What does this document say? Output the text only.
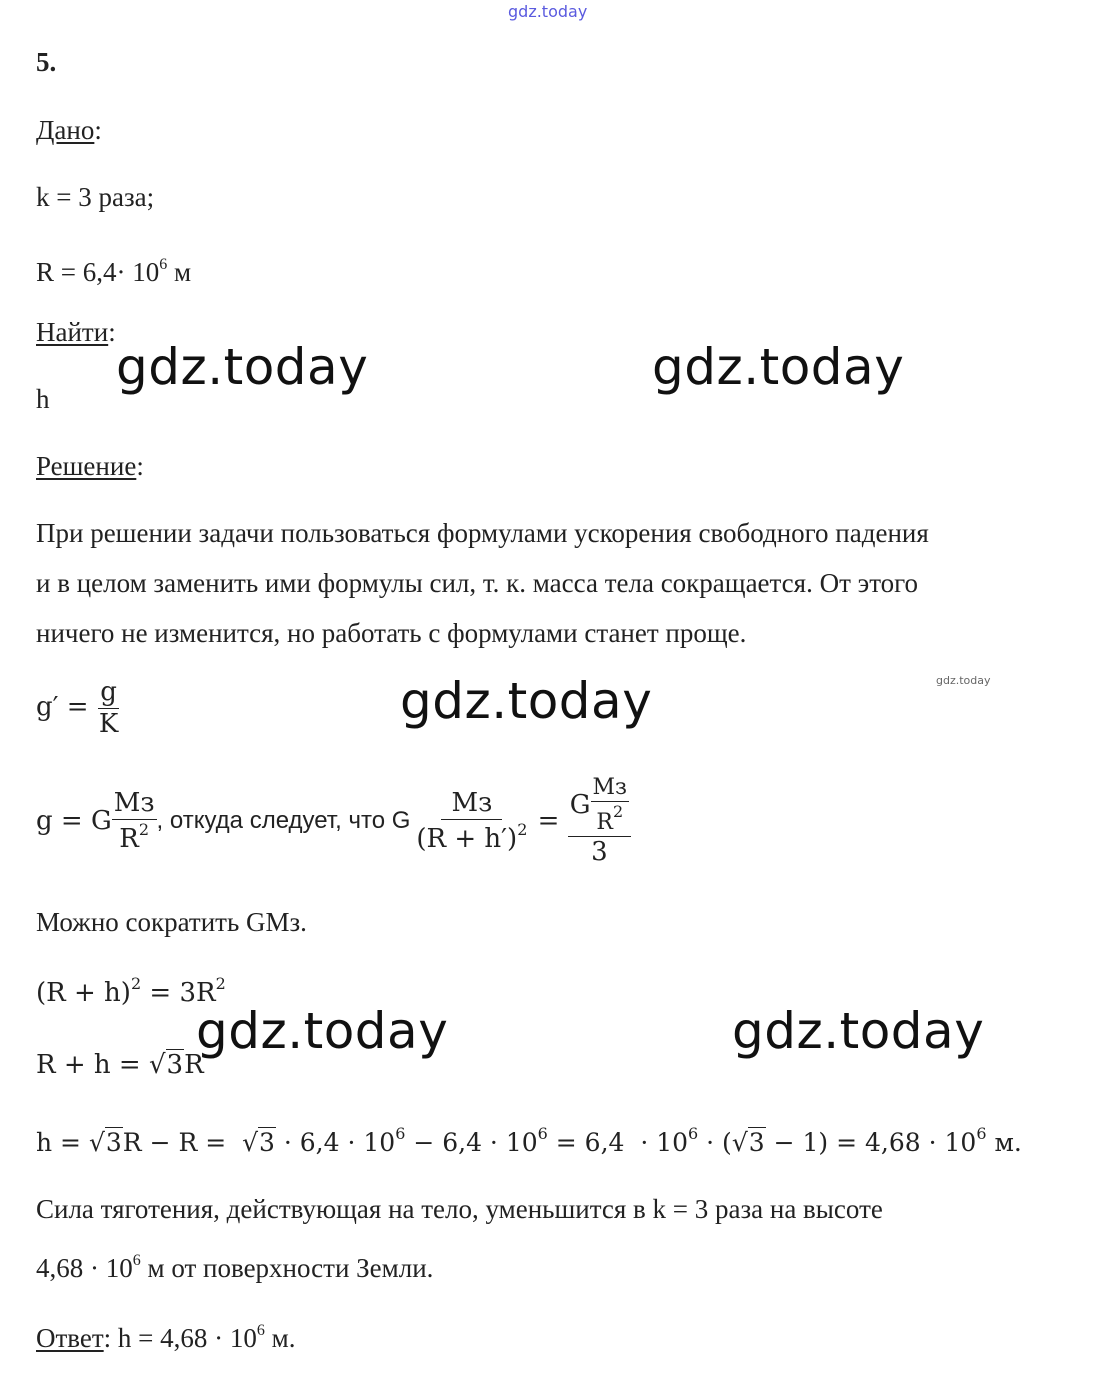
gdz.today
gdz.today	gdz.today
gdz.today	gdz.today
gdz.today	gdz.today
5.
Дано:
k = 3 раза;
$R = 6,4\cdot 10^6$ м
Найти:
h
Решение:
При решении задачи пользоваться формулами ускорения свободного падения
и в целом заменить ими формулы сил, т. к. масса тела сокращается. От этого
ничего не изменится, но работать с формулами станет проще.
$g' = \frac{g}{K}$
g = G $\frac{Mз}{R^2}$ , откуда следует, что G $\frac{Mз}{(R + h')^2} = \frac{G \frac{Mз}{R^2}}{3}$
Можно сократить GMз.
$(R + h)^2 = 3R^2$
R + h = √3R
$h = √3R - R = √3 \cdot 6,4 \cdot 10^6 - 6,4 \cdot 10^6 = 6,4 \cdot 10^6 \cdot (√3 - 1) = 4,68 \cdot 10^6$ м.
Сила тяготения, действующая на тело, уменьшится в k = 3 раза на высоте
$4,68 \cdot 10^6$ м от поверхности Земли.
Ответ: $h = 4,68 \cdot 10^6$ м.
